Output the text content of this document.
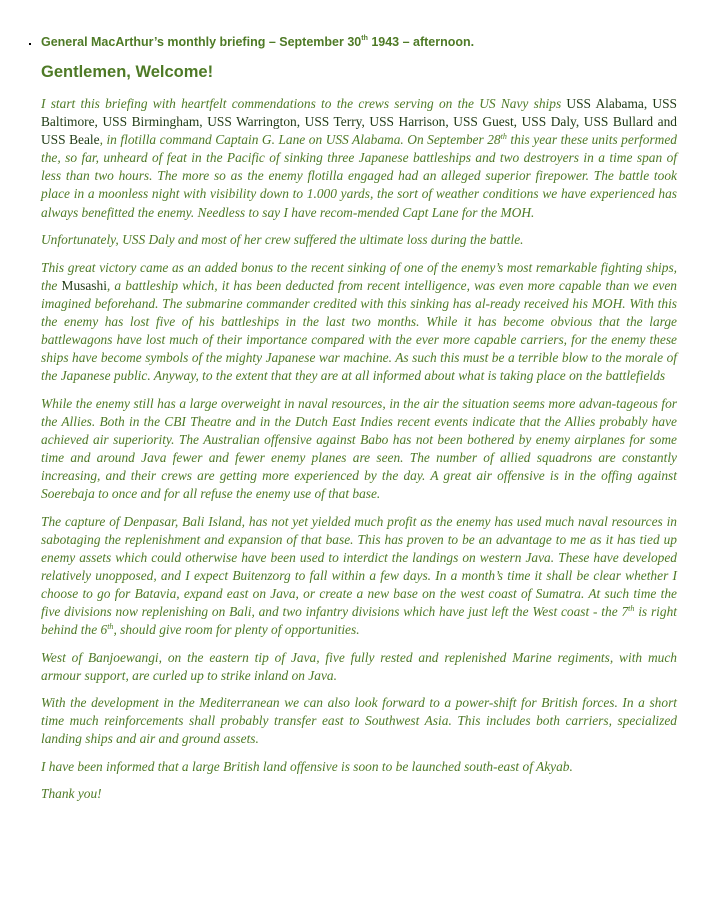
General MacArthur’s monthly briefing – September 30th 1943 – afternoon.
Gentlemen, Welcome!

I start this briefing with heartfelt commendations to the crews serving on the US Navy ships USS Alabama, USS Baltimore, USS Birmingham, USS Warrington, USS Terry, USS Harrison, USS Guest, USS Daly, USS Bullard and USS Beale, in flotilla command Captain G. Lane on USS Alabama. On September 28th this year these units performed the, so far, unheard of feat in the Pacific of sinking three Japanese battleships and two destroyers in a time span of less than two hours. The more so as the enemy flotilla engaged had an alleged superior firepower. The battle took place in a moonless night with visibility down to 1.000 yards, the sort of weather conditions we have experienced has always benefitted the enemy. Needless to say I have recom-mended Capt Lane for the MOH.

Unfortunately, USS Daly and most of her crew suffered the ultimate loss during the battle.

This great victory came as an added bonus to the recent sinking of one of the enemy’s most remarkable fighting ships, the Musashi, a battleship which, it has been deducted from recent intelligence, was even more capable than we even imagined beforehand. The submarine commander credited with this sinking has al-ready received his MOH. With this the enemy has lost five of his battleships in the last two months. While it has become obvious that the large battlewagons have lost much of their importance compared with the ever more capable carriers, for the enemy these ships have become symbols of the mighty Japanese war machine. As such this must be a terrible blow to the morale of the Japanese public. Anyway, to the extent that they are at all informed about what is taking place on the battlefields

While the enemy still has a large overweight in naval resources, in the air the situation seems more advan-tageous for the Allies. Both in the CBI Theatre and in the Dutch East Indies recent events indicate that the Allies probably have achieved air superiority. The Australian offensive against Babo has not been bothered by enemy airplanes for some time and around Java fewer and fewer enemy planes are seen. The number of allied squadrons are constantly increasing, and their crews are getting more experienced by the day. A great air offensive is in the offing against Soerebaja to once and for all refuse the enemy use of that base.

The capture of Denpasar, Bali Island, has not yet yielded much profit as the enemy has used much naval resources in sabotaging the replenishment and expansion of that base. This has proven to be an advantage to me as it has tied up enemy assets which could otherwise have been used to interdict the landings on western Java. These have developed relatively unopposed, and I expect Buitenzorg to fall within a few days. In a month’s time it shall be clear whether I choose to go for Batavia, expand east on Java, or create a new base on the west coast of Sumatra. At such time the five divisions now replenishing on Bali, and two infantry divisions which have just left the West coast - the 7th is right behind the 6th, should give room for plenty of opportunities.

West of Banjoewangi, on the eastern tip of Java, five fully rested and replenished Marine regiments, with much armour support, are curled up to strike inland on Java.

With the development in the Mediterranean we can also look forward to a power-shift for British forces. In a short time much reinforcements shall probably transfer east to Southwest Asia. This includes both carriers, specialized landing ships and air and ground assets.

I have been informed that a large British land offensive is soon to be launched south-east of Akyab.

Thank you!
